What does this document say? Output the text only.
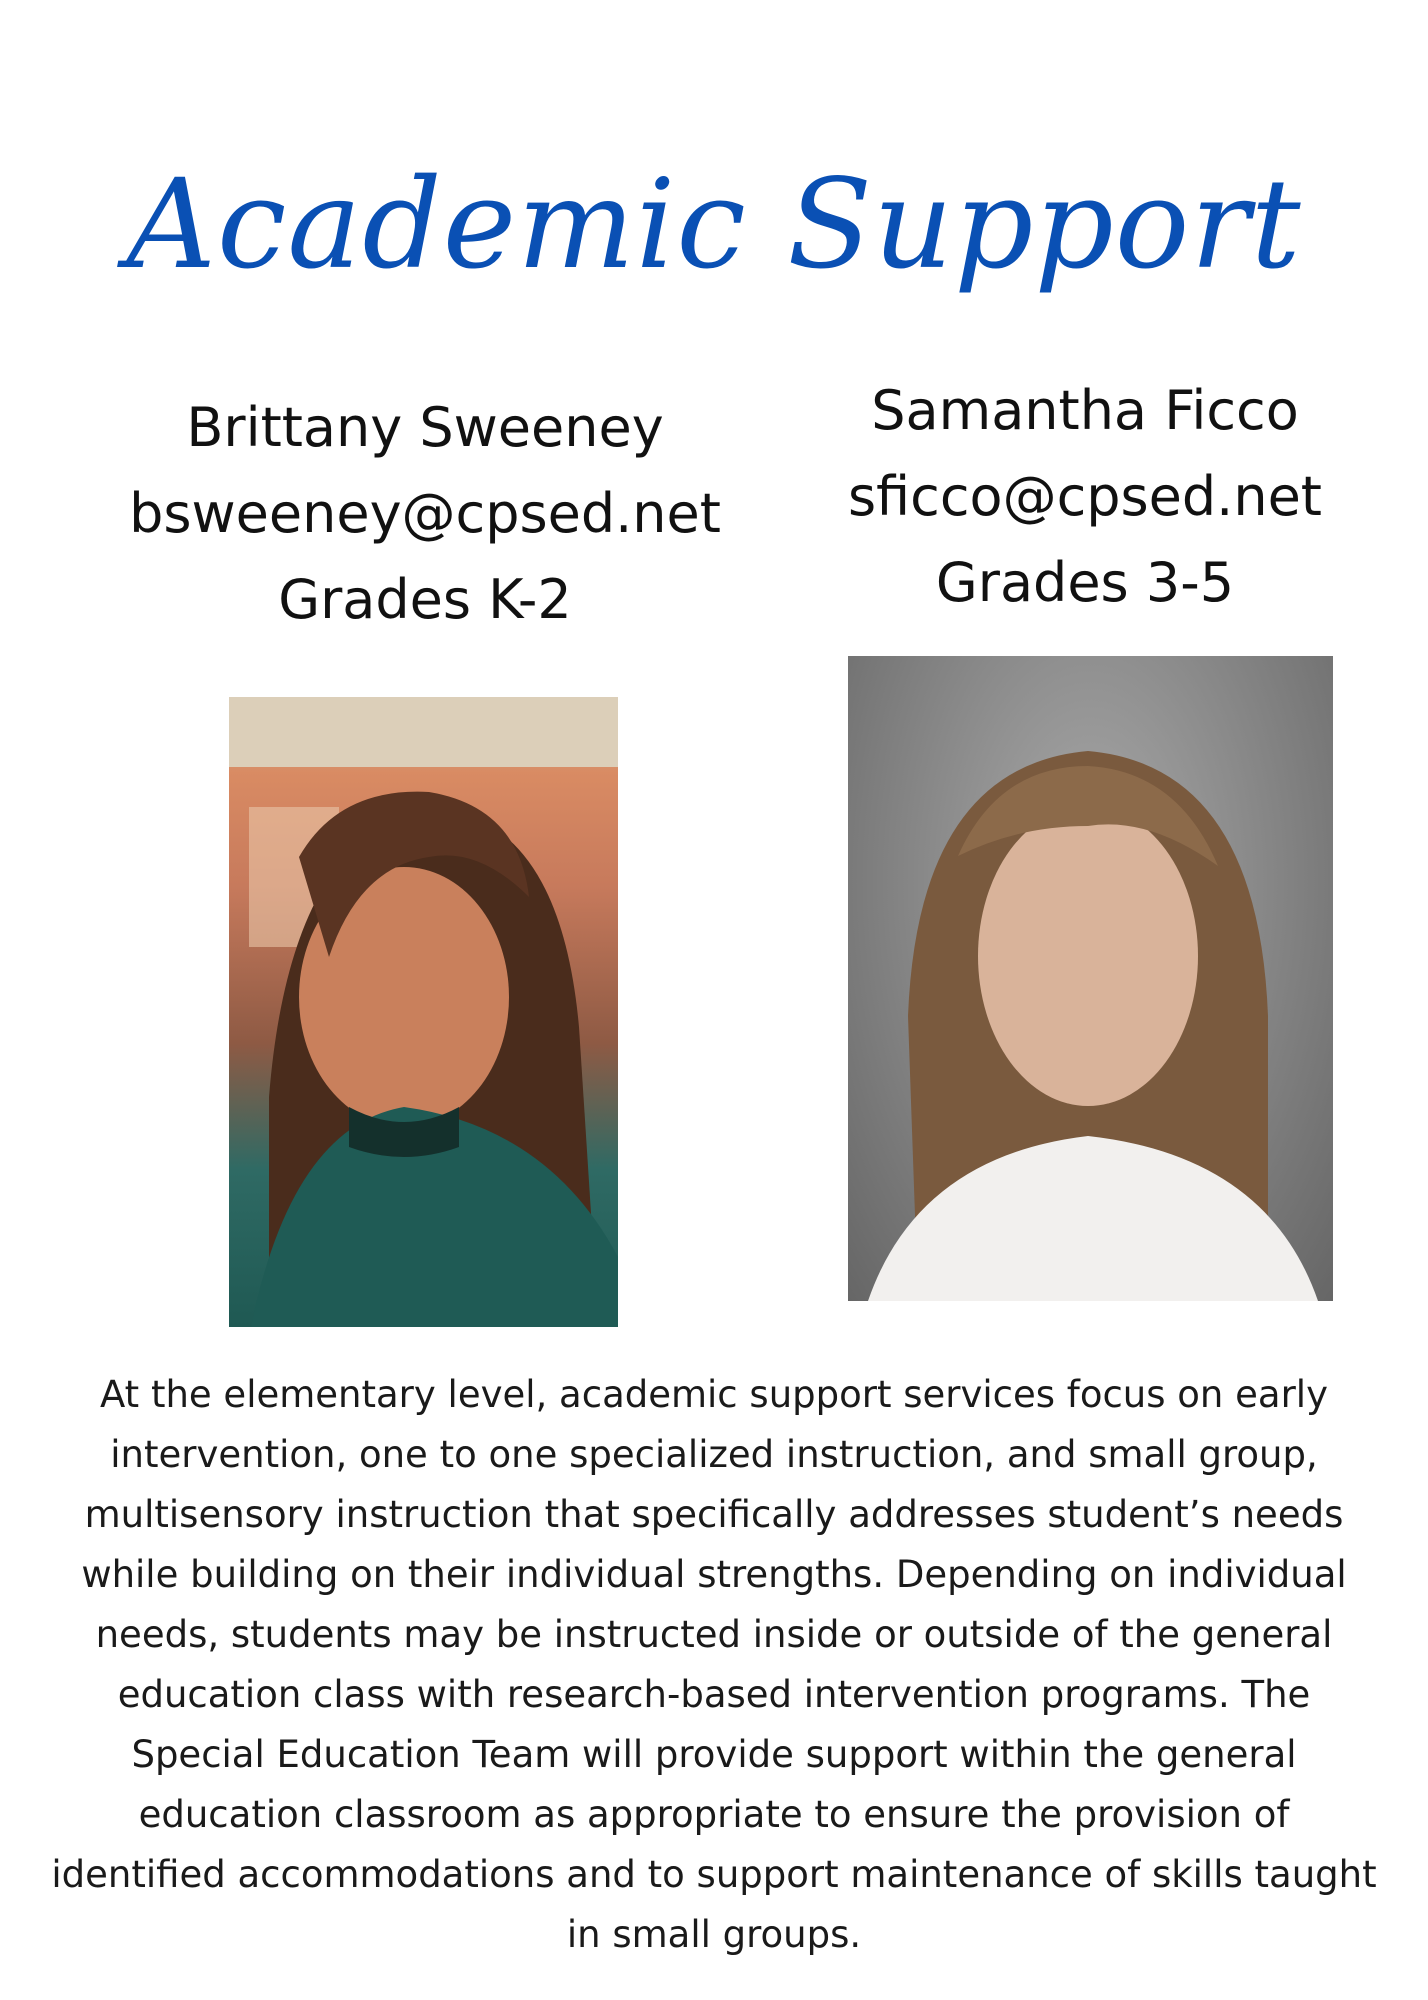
Academic Support
Brittany Sweeney
bsweeney@cpsed.net
Grades K-2
Samantha Ficco
sficco@cpsed.net
Grades 3-5
At the elementary level, academic support services focus on early
intervention, one to one specialized instruction, and small group,
multisensory instruction that specifically addresses student’s needs
while building on their individual strengths. Depending on individual
needs, students may be instructed inside or outside of the general
education class with research-based intervention programs. The
Special Education Team will provide support within the general
education classroom as appropriate to ensure the provision of
identified accommodations and to support maintenance of skills taught
in small groups.
